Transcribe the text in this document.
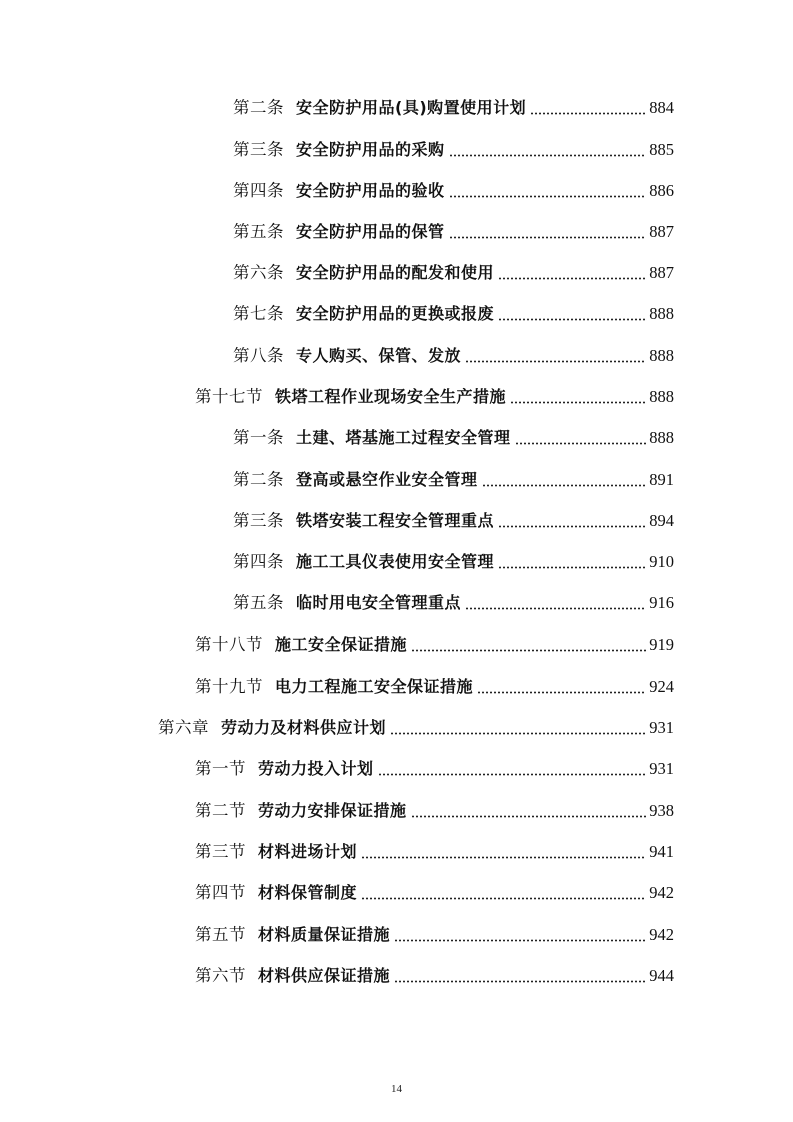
第二条 安全防护用品(具)购置使用计划	884
第三条 安全防护用品的采购	885
第四条 安全防护用品的验收	886
第五条 安全防护用品的保管	887
第六条 安全防护用品的配发和使用	887
第七条 安全防护用品的更换或报废	888
第八条 专人购买、保管、发放	888
第十七节 铁塔工程作业现场安全生产措施	888
第一条 土建、塔基施工过程安全管理	888
第二条 登高或悬空作业安全管理	891
第三条 铁塔安装工程安全管理重点	894
第四条 施工工具仪表使用安全管理	910
第五条 临时用电安全管理重点	916
第十八节 施工安全保证措施	919
第十九节 电力工程施工安全保证措施	924
第六章 劳动力及材料供应计划	931
第一节 劳动力投入计划	931
第二节 劳动力安排保证措施	938
第三节 材料进场计划	941
第四节 材料保管制度	942
第五节 材料质量保证措施	942
第六节 材料供应保证措施	944
14
